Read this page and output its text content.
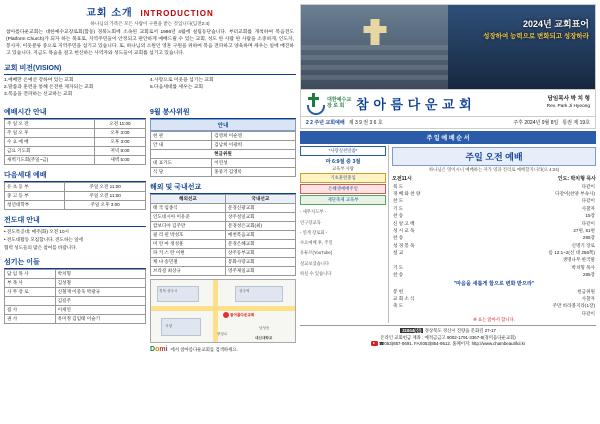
교회 소개 INTRODUCTION
하나님의 가족은 모든 사람이 구원을 받는 것입니다(딤전2:4)
참아름다운교회는 대한예수교장로회(합동) 경북노회에 소속된 교회로서 1996년 4월에 설립등단습니다. 부터교회를 개척하여 복음전도(Platform Church)가 되자 하는 목표로, 지역주민들이 안정되고 편안하게 예배드릴 수 있는 교회, 성도 한 사람 한 사람을 소중하게, 인도자, 봉사자, 이웃분류 중으로 지역주민을 섬기고 있습니다. 또, 하나님의 소원인 영혼 구원을 위하여 복음 전파하고 양육하며 세우는 일에 매진하고 있습니다. 지금도 목숨을 걸고 헌신하는 사역자와 성도들이 교회를 섬기고 있습니다.
교회 비전(VISION)
1.예배만 온예산 강하여 있는 교회	4.사랑으로 이웃을 섬기는 교회
2.말씀과 훈련을 통해 온전한 제자되는 교회	5.다음세대를 세우는 교회
3.복음을 전파하는 선교하는 교회
예배시간 안내
주 일 오 전	오전 11:00
주 일 오 후	오후 3:00
수 요 예 배	오후 3:00
금요 기도회	저녁 8:00
새벽기도회(주일~금)	새벽 5:00
다음세대 예배
유 초 등 부	주일 오전 11:00
중 고 등 부	주일 오전 11:00
청년대학부	주일 오후 3:00
전도대 안내

• 전도특공대: 매주(화) 오전 10시

• 전도대활동 모집합니다. 전도하는 일에

협력 성도들의 많은 참여를 바랍니다.

섬기는 이들
담 임 목 사	박치형
부 목 사	김성철
사 무 장 로	신철재 이중욱 박광규
	김길주
집 사	이세연
권 사	옥미정 김임태 이슬기
9월 봉사위원
안내
헌 관	김영희 이순영
안 내	김남희 이광희
현금위원	
대 표기도	이연성
식 당	홍중기 김영록
해외 및 국내선교
해외선교	국내선교
태 국 임종식	문경신광교회
인도네시아 이유준	상주성일교회
캄보디아 김주만	문경성은교회(최)
필 리 핀 박성호	예천복음교회
미 얀 마 정성훈	문경은혜교회
파 키 스 탄 이현	상주동부교회
케 냐 송민철	봉화사랑교회
브라질 최상규	영주제일교회
참아름다운교회
경북 상주시	상주역
시청
중앙로
남성동
대신대학교
Domi 에서 참아름다운교회를 검색하세요.
2024년 교회표어
성장하여 능력으로 변화되고 성장하라
대한예수교
장 로 회 참 아 름 다 운 교 회	담임목사 박 치 형
Rev. Park Ji Hyeong
2 2 주년 교회예배 제 3 9 권 3 6 호	주후 2024년 9월 8일 통권 제 19호
주 일 예 배 순 서
*사랑실천말씀*
마 6:9절 중 3절
교육부 사람
기초훈련중입
은혜생예배주일
제단축제 교육부

- 새무지도부 -

연구장교육

- 연계 장로회 -

수요예배 후, 주일

유튜브(YouTube)

설교보셨습니다

하실 수 있습니다

주일 오전 예배
하나님은 영이시니 예배하는 자가 영과 진리로 예배할지니라(요 4:24)
오전11시	인도: 박치형 목사
묵 도	다같이
경 배 와 찬 양	다같이(찬양 부속사)
찬 도	다같이
기 도	사찰자
찬 송	15장
신 앙 고 백	다같이
성 시 교 독	27편, 51편
찬 송	285장
성 경 봉 독	신명기 장로
설 교	롬 12:1~2(신 대 256쪽)
	생명나무 한국말
기 도	박치형 목사
찬 송	285장
"마음을 새롭게 함으로 변화 받으라"
봉 헌	헌금위원
교 회 소 식	사찰자
축 도	주만 바라볼지라(1장)
	다같이
※ 표는 앉아서 합니다.
31844(신) 경상북도 경산시 진량읍 문화길 27-17
온라인 교회헌금 계좌 : 예적금금고 9002-1791-3367-8(경미음다운교회)
☎053)857-0691. FAX053)854-9512. 홈페이지: http://www.chambeautiful.kr
